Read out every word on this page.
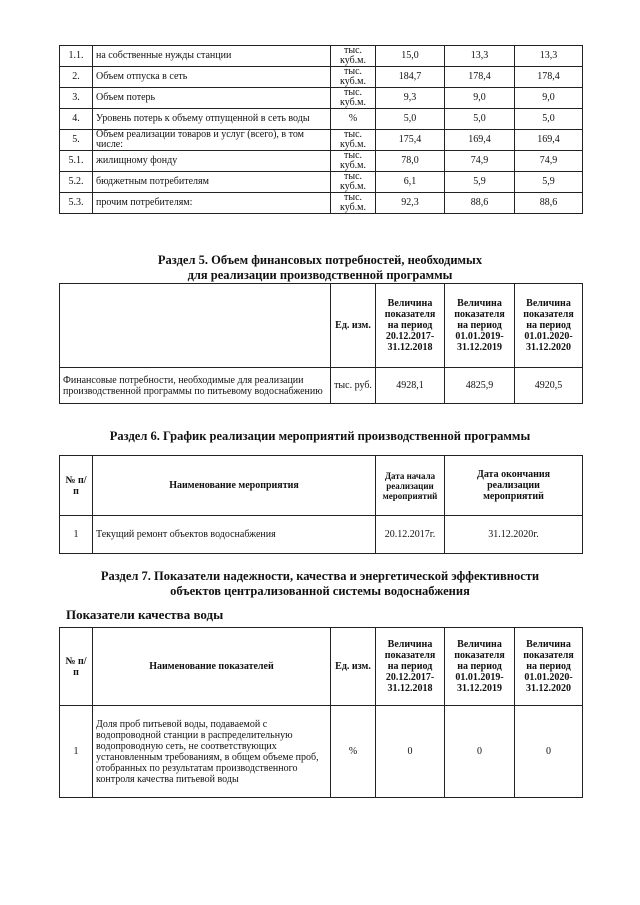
1.1.	на собственные нужды станции	тыс. куб.м.	15,0	13,3	13,3
2.	Объем отпуска в сеть	тыс. куб.м.	184,7	178,4	178,4
3.	Объем потерь	тыс. куб.м.	9,3	9,0	9,0
4.	Уровень потерь к объему отпущенной в сеть воды	%	5,0	5,0	5,0
5.	Объем реализации товаров и услуг (всего), в том числе:	тыс. куб.м.	175,4	169,4	169,4
5.1.	жилищному фонду	тыс. куб.м.	78,0	74,9	74,9
5.2.	бюджетным потребителям	тыс. куб.м.	6,1	5,9	5,9
5.3.	прочим потребителям:	тыс. куб.м.	92,3	88,6	88,6
Раздел 5. Объем финансовых потребностей, необходимых
для реализации производственной программы
	Ед. изм.	Величина показателя на период 20.12.2017-31.12.2018	Величина показателя на период 01.01.2019-31.12.2019	Величина показателя на период 01.01.2020-31.12.2020
Финансовые потребности, необходимые для реализации производственной программы по питьевому водоснабжению	тыс. руб.	4928,1	4825,9	4920,5
Раздел 6. График реализации мероприятий производственной программы
№ п/п	Наименование мероприятия	Дата начала реализации мероприятий	Дата окончания реализации мероприятий
1	Текущий ремонт объектов водоснабжения	20.12.2017г.	31.12.2020г.
Раздел 7. Показатели надежности, качества и энергетической эффективности
объектов централизованной системы водоснабжения
Показатели качества воды
№ п/п	Наименование показателей	Ед. изм.	Величина показателя на период 20.12.2017-31.12.2018	Величина показателя на период 01.01.2019-31.12.2019	Величина показателя на период 01.01.2020-31.12.2020
1	Доля проб питьевой воды, подаваемой с водопроводной станции в распределительную водопроводную сеть, не соответствующих установленным требованиям, в общем объеме проб, отобранных по результатам производственного контроля качества питьевой воды	%	0	0	0
